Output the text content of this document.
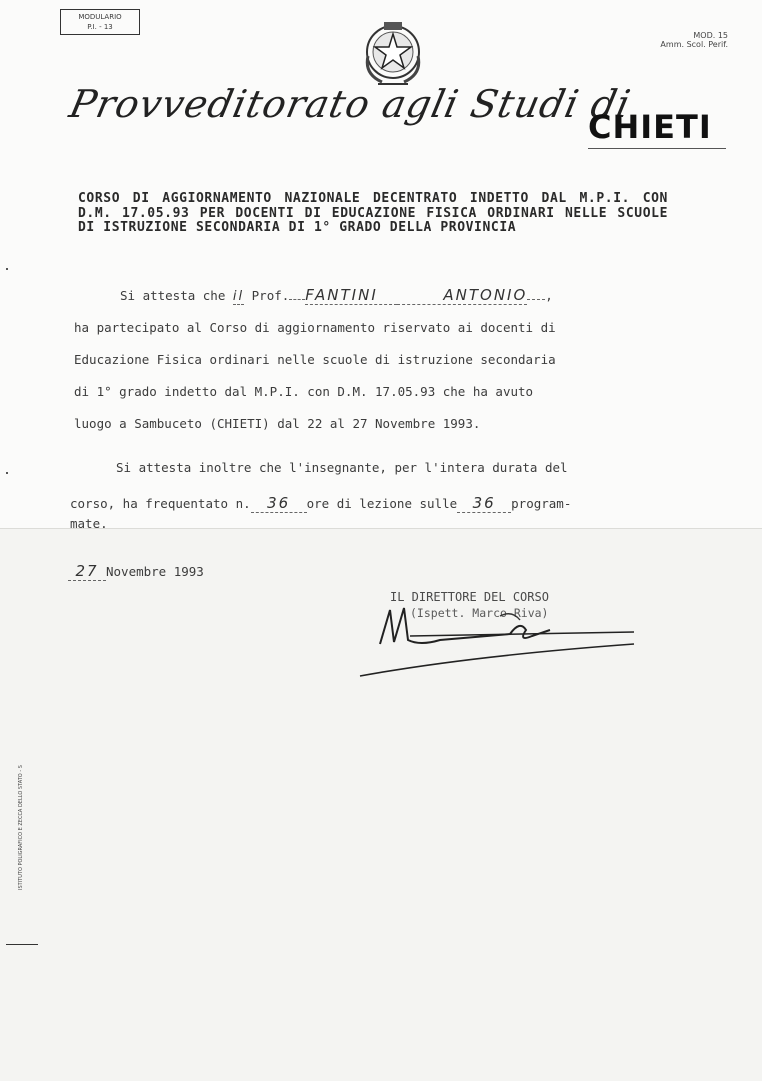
MODULARIO
P.I. - 13
MOD. 15
Amm. Scol. Perif.
Provveditorato agli Studi di
CHIETI
CORSO DI AGGIORNAMENTO NAZIONALE DECENTRATO INDETTO DAL M.P.I. CON D.M. 17.05.93 PER DOCENTI DI EDUCAZIONE FISICA ORDINARI NELLE SCUOLE DI ISTRUZIONE SECONDARIA DI 1° GRADO DELLA PROVINCIA
Si attesta che il Prof. FANTINI	ANTONIO ,
ha partecipato al Corso di aggiornamento riservato ai docenti di
Educazione Fisica ordinari nelle scuole di istruzione secondaria
di 1° grado indetto dal M.P.I. con D.M. 17.05.93 che ha avuto
luogo a Sambuceto (CHIETI) dal 22 al 27 Novembre 1993.
Si attesta inoltre che l'insegnante, per l'intera durata del
corso, ha frequentato n. 36 ore di lezione sulle 36 program-
mate.
27 Novembre 1993
IL DIRETTORE DEL CORSO
(Ispett. Marco Riva)
ISTITUTO POLIGRAFICO E ZECCA DELLO STATO - S
